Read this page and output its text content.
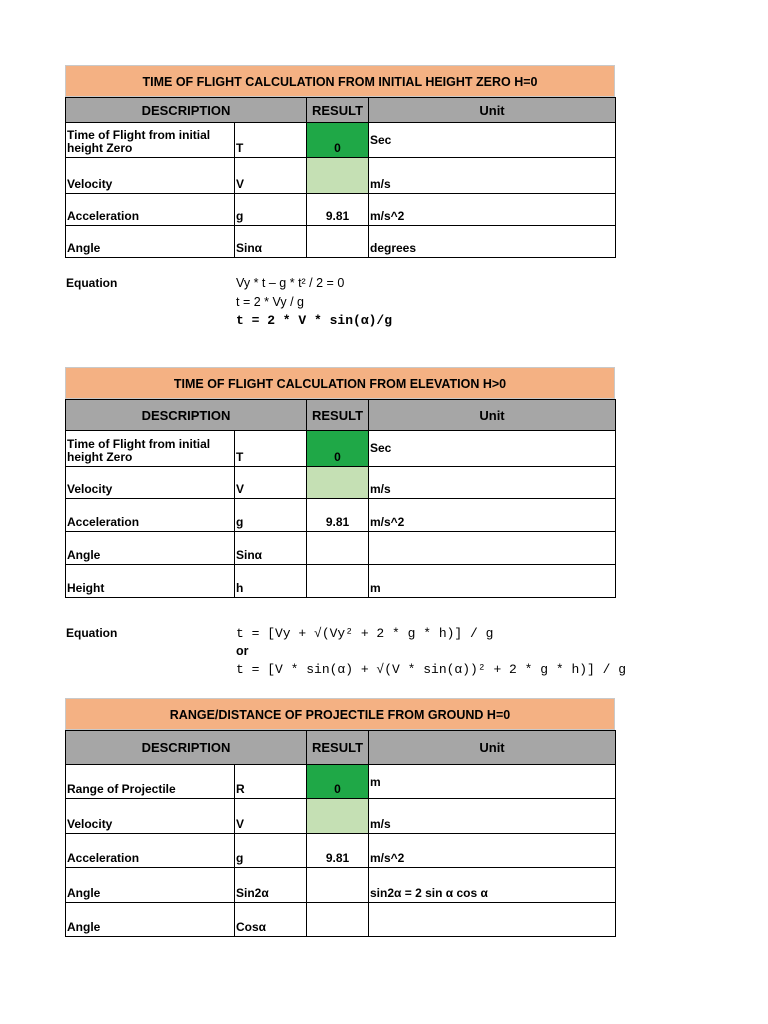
TIME OF FLIGHT CALCULATION FROM INITIAL HEIGHT ZERO H=0
DESCRIPTION		RESULT	Unit
Time of Flight from initial height Zero	T	0	Sec
Velocity	V		m/s
Acceleration	g	9.81	m/s^2
Angle	Sinα		degrees
Equation	Vy * t – g * t² / 2 = 0
t = 2 * Vy / g
t = 2 * V * sin(α)/g
TIME OF FLIGHT CALCULATION FROM ELEVATION H>0
DESCRIPTION		RESULT	Unit
Time of Flight from initial height Zero	T	0	Sec
Velocity	V		m/s
Acceleration	g	9.81	m/s^2
Angle	Sinα		
Height	h		m
Equation	t = [Vy + √(Vy² + 2 * g * h)] / g
or
t = [V * sin(α) + √(V * sin(α))² + 2 * g * h)] / g
RANGE/DISTANCE OF PROJECTILE FROM GROUND H=0
DESCRIPTION		RESULT	Unit
Range of Projectile	R	0	m
Velocity	V		m/s
Acceleration	g	9.81	m/s^2
Angle	Sin2α		sin2α = 2 sin α cos α
Angle	Cosα		
